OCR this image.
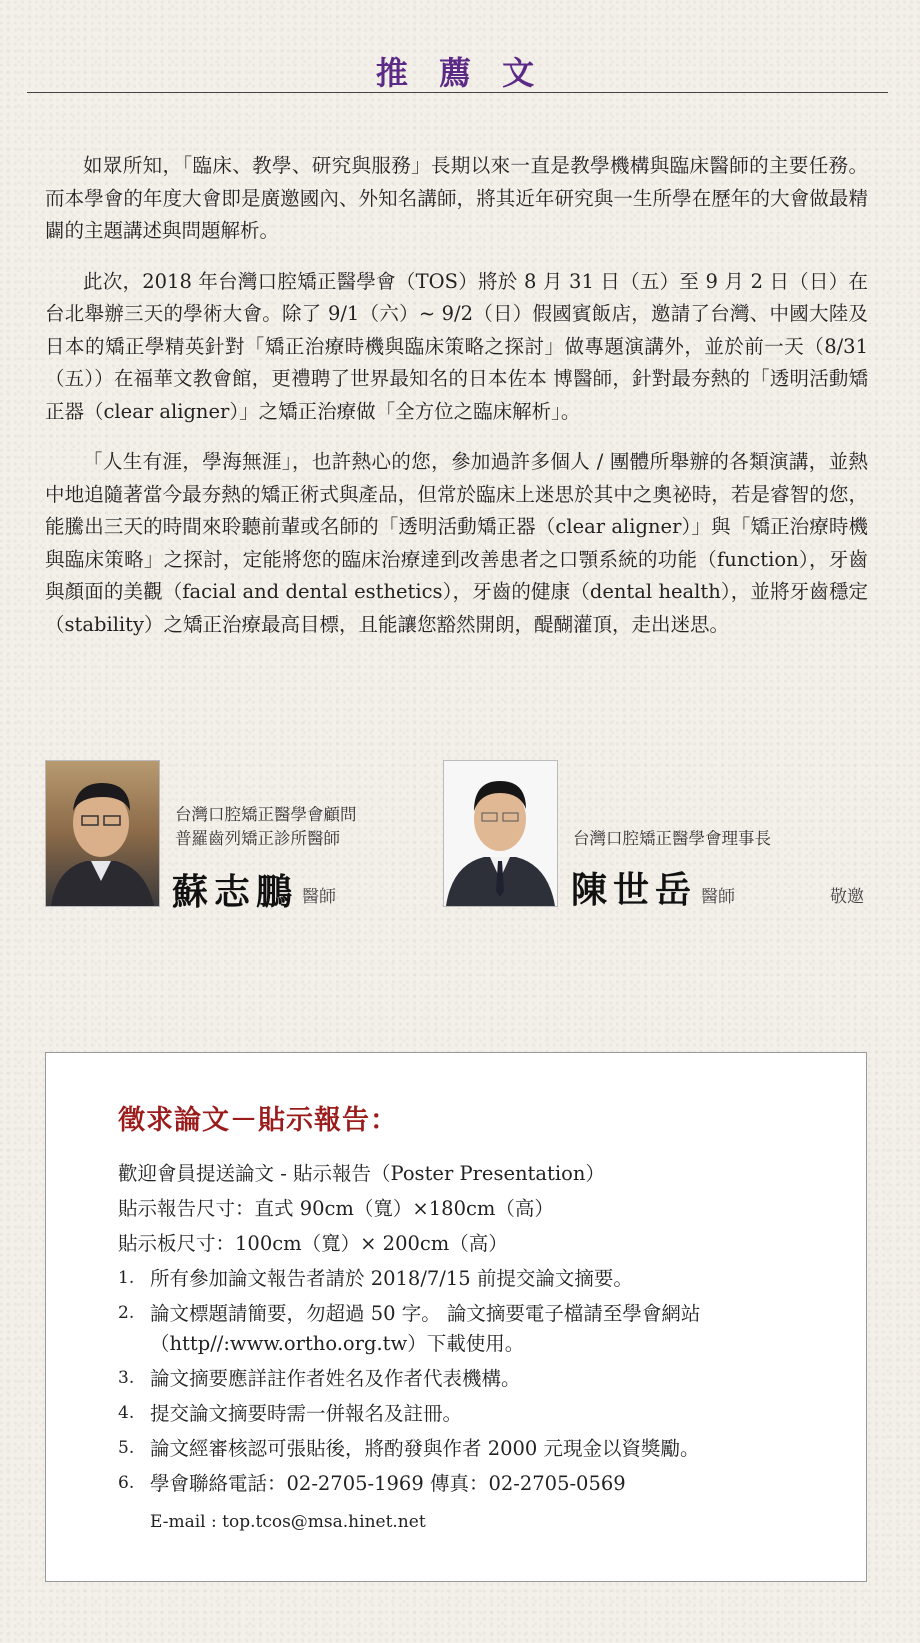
推 薦 文

如眾所知，「臨床、教學、研究與服務」長期以來一直是教學機構與臨床醫師的主要任務。而本學會的年度大會即是廣邀國內、外知名講師，將其近年研究與一生所學在歷年的大會做最精闢的主題講述與問題解析。

此次，2018 年台灣口腔矯正醫學會（TOS）將於 8 月 31 日（五）至 9 月 2 日（日）在台北舉辦三天的學術大會。除了 9/1（六）~ 9/2（日）假國賓飯店，邀請了台灣、中國大陸及日本的矯正學精英針對「矯正治療時機與臨床策略之探討」做專題演講外，並於前一天（8/31（五））在福華文教會館，更禮聘了世界最知名的日本佐本 博醫師，針對最夯熱的「透明活動矯正器（clear aligner）」之矯正治療做「全方位之臨床解析」。

「人生有涯，學海無涯」，也許熱心的您，參加過許多個人 / 團體所舉辦的各類演講，並熱中地追隨著當今最夯熱的矯正術式與產品，但常於臨床上迷思於其中之奧祕時，若是睿智的您，能騰出三天的時間來聆聽前輩或名師的「透明活動矯正器（clear aligner）」與「矯正治療時機與臨床策略」之探討，定能將您的臨床治療達到改善患者之口顎系統的功能（function），牙齒與顏面的美觀（facial and dental esthetics），牙齒的健康（dental health），並將牙齒穩定（stability）之矯正治療最高目標，且能讓您豁然開朗，醍醐灌頂，走出迷思。

台灣口腔矯正醫學會顧問
普羅齒列矯正診所醫師
蘇志鵬 醫師
台灣口腔矯正醫學會理事長
陳世岳 醫師	敬邀
徵求論文－貼示報告：
歡迎會員提送論文 - 貼示報告（Poster Presentation）
貼示報告尺寸：直式 90cm（寬）×180cm（高）
貼示板尺寸：100cm（寬）× 200cm（高）
1. 所有參加論文報告者請於 2018/7/15 前提交論文摘要。
2. 論文標題請簡要，勿超過 50 字。 論文摘要電子檔請至學會網站（http//:www.ortho.org.tw）下載使用。
3. 論文摘要應詳註作者姓名及作者代表機構。
4. 提交論文摘要時需一併報名及註冊。
5. 論文經審核認可張貼後，將酌發與作者 2000 元現金以資獎勵。
6. 學會聯絡電話：02-2705-1969 傳真：02-2705-0569
E-mail : top.tcos@msa.hinet.net
